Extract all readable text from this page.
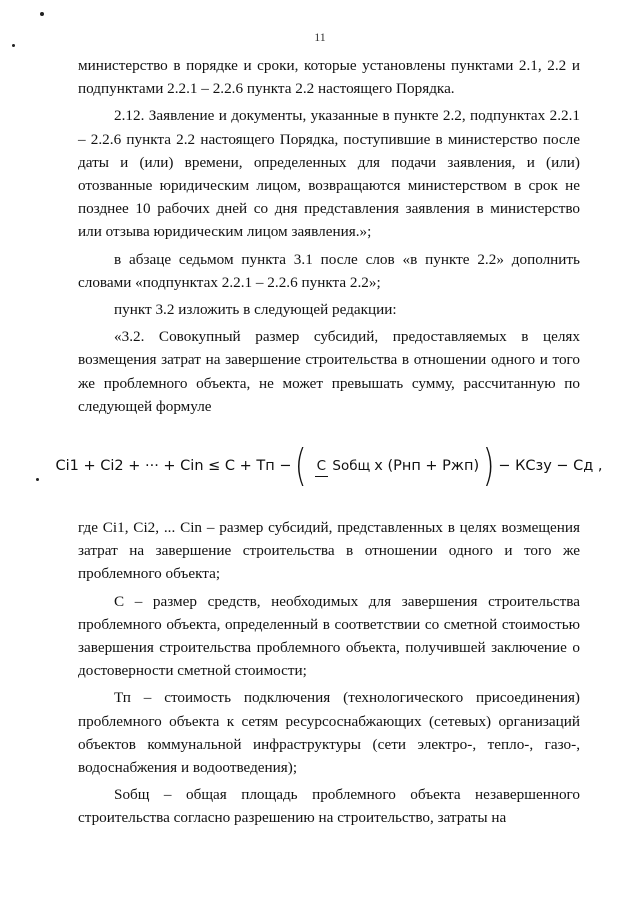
11

министерство в порядке и сроки, которые установлены пунктами 2.1, 2.2 и подпунктами 2.2.1 – 2.2.6 пункта 2.2 настоящего Порядка.

2.12. Заявление и документы, указанные в пункте 2.2, подпунктах 2.2.1 – 2.2.6 пункта 2.2 настоящего Порядка, поступившие в министерство после даты и (или) времени, определенных для подачи заявления, и (или) отозванные юридическим лицом, возвращаются министерством в срок не позднее 10 рабочих дней со дня представления заявления в министерство или отзыва юридическим лицом заявления.»;

в абзаце седьмом пункта 3.1 после слов «в пункте 2.2» дополнить словами «подпунктах 2.2.1 – 2.2.6 пункта 2.2»;

пункт 3.2 изложить в следующей редакции:

«3.2. Совокупный размер субсидий, предоставляемых в целях возмещения затрат на завершение строительства в отношении одного и того же проблемного объекта, не может превышать сумму, рассчитанную по следующей формуле

Ci1 + Ci2 + ··· + Cin ≤ C + Tп − ( C Sобщ x (Pнп + Pжп) ) − КСзу − Сд ,

где Ci1, Ci2, ... Cin – размер субсидий, представленных в целях возмещения затрат на завершение строительства в отношении одного и того же проблемного объекта;

С – размер средств, необходимых для завершения строительства проблемного объекта, определенный в соответствии со сметной стоимостью завершения строительства проблемного объекта, получившей заключение о достоверности сметной стоимости;

Тп – стоимость подключения (технологического присоединения) проблемного объекта к сетям ресурсоснабжающих (сетевых) организаций объектов коммунальной инфраструктуры (сети электро-, тепло-, газо-, водоснабжения и водоотведения);

Sобщ – общая площадь проблемного объекта незавершенного строительства согласно разрешению на строительство, затраты на
